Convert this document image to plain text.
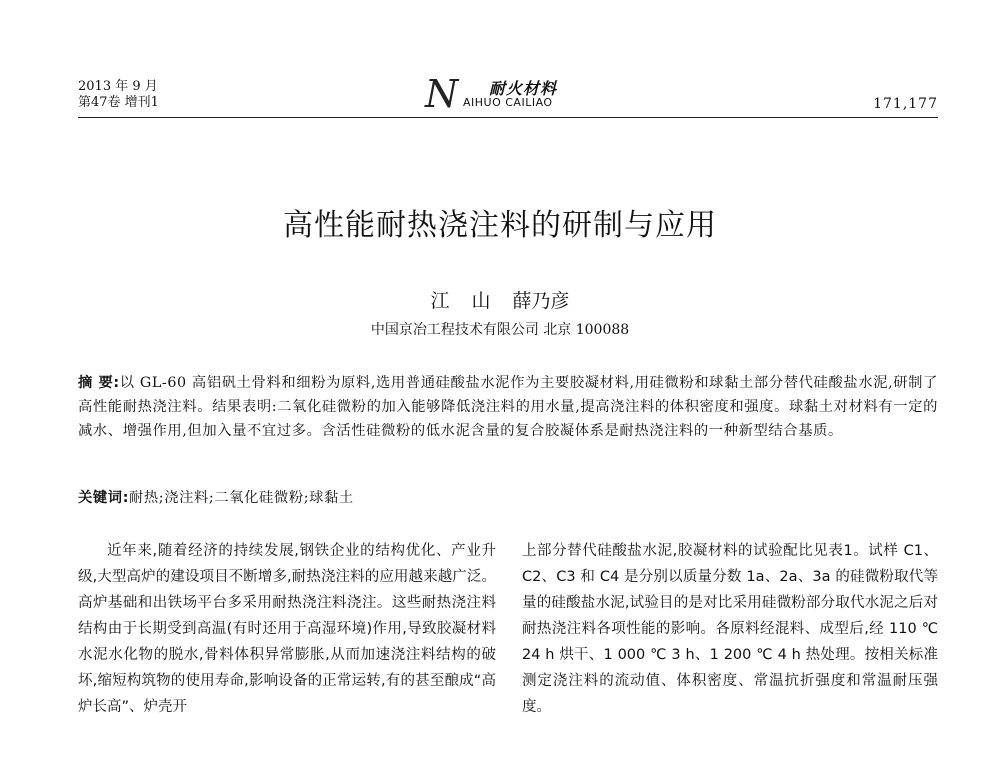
2013 年 9 月
第47卷 增刊1	N 耐火材料
AIHUO CAILIAO	171,177
高性能耐热浇注料的研制与应用
江 山 薛乃彦
中国京冶工程技术有限公司 北京 100088
摘 要:以 GL-60 高铝矾土骨料和细粉为原料,选用普通硅酸盐水泥作为主要胶凝材料,用硅微粉和球黏土部分替代硅酸盐水泥,研制了高性能耐热浇注料。结果表明:二氧化硅微粉的加入能够降低浇注料的用水量,提高浇注料的体积密度和强度。球黏土对材料有一定的减水、增强作用,但加入量不宜过多。含活性硅微粉的低水泥含量的复合胶凝体系是耐热浇注料的一种新型结合基质。
关键词:耐热;浇注料;二氧化硅微粉;球黏土
近年来,随着经济的持续发展,钢铁企业的结构优化、产业升级,大型高炉的建设项目不断增多,耐热浇注料的应用越来越广泛。高炉基础和出铁场平台多采用耐热浇注料浇注。这些耐热浇注料结构由于长期受到高温(有时还用于高湿环境)作用,导致胶凝材料水泥水化物的脱水,骨料体积异常膨胀,从而加速浇注料结构的破坏,缩短构筑物的使用寿命,影响设备的正常运转,有的甚至酿成“高炉长高”、炉壳开
上部分替代硅酸盐水泥,胶凝材料的试验配比见表1。试样 C1、C2、C3 和 C4 是分别以质量分数 1a、2a、3a 的硅微粉取代等量的硅酸盐水泥,试验目的是对比采用硅微粉部分取代水泥之后对耐热浇注料各项性能的影响。各原料经混料、成型后,经 110 ℃ 24 h 烘干、1 000 ℃ 3 h、1 200 ℃ 4 h 热处理。按相关标准测定浇注料的流动值、体积密度、常温抗折强度和常温耐压强度。
